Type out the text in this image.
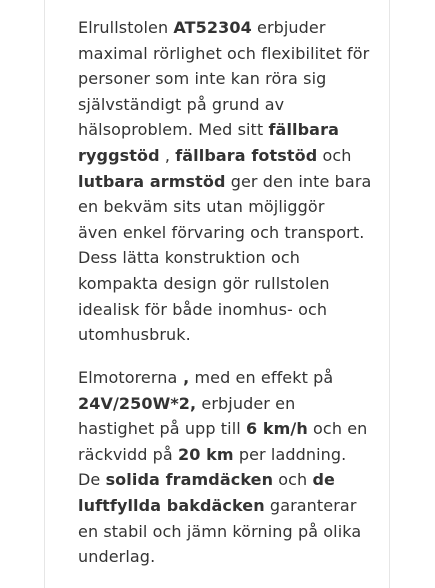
Elrullstolen AT52304 erbjuder
maximal rörlighet och flexibilitet för
personer som inte kan röra sig
självständigt på grund av
hälsoproblem. Med sitt fällbara
ryggstöd , fällbara fotstöd och
lutbara armstöd ger den inte bara
en bekväm sits utan möjliggör
även enkel förvaring och transport.
Dess lätta konstruktion och
kompakta design gör rullstolen
idealisk för både inomhus- och
utomhusbruk.

Elmotorerna , med en effekt på
24V/250W*2, erbjuder en
hastighet på upp till 6 km/h och en
räckvidd på 20 km per laddning.
De solida framdäcken och de
luftfyllda bakdäcken garanterar
en stabil och jämn körning på olika
underlag.
